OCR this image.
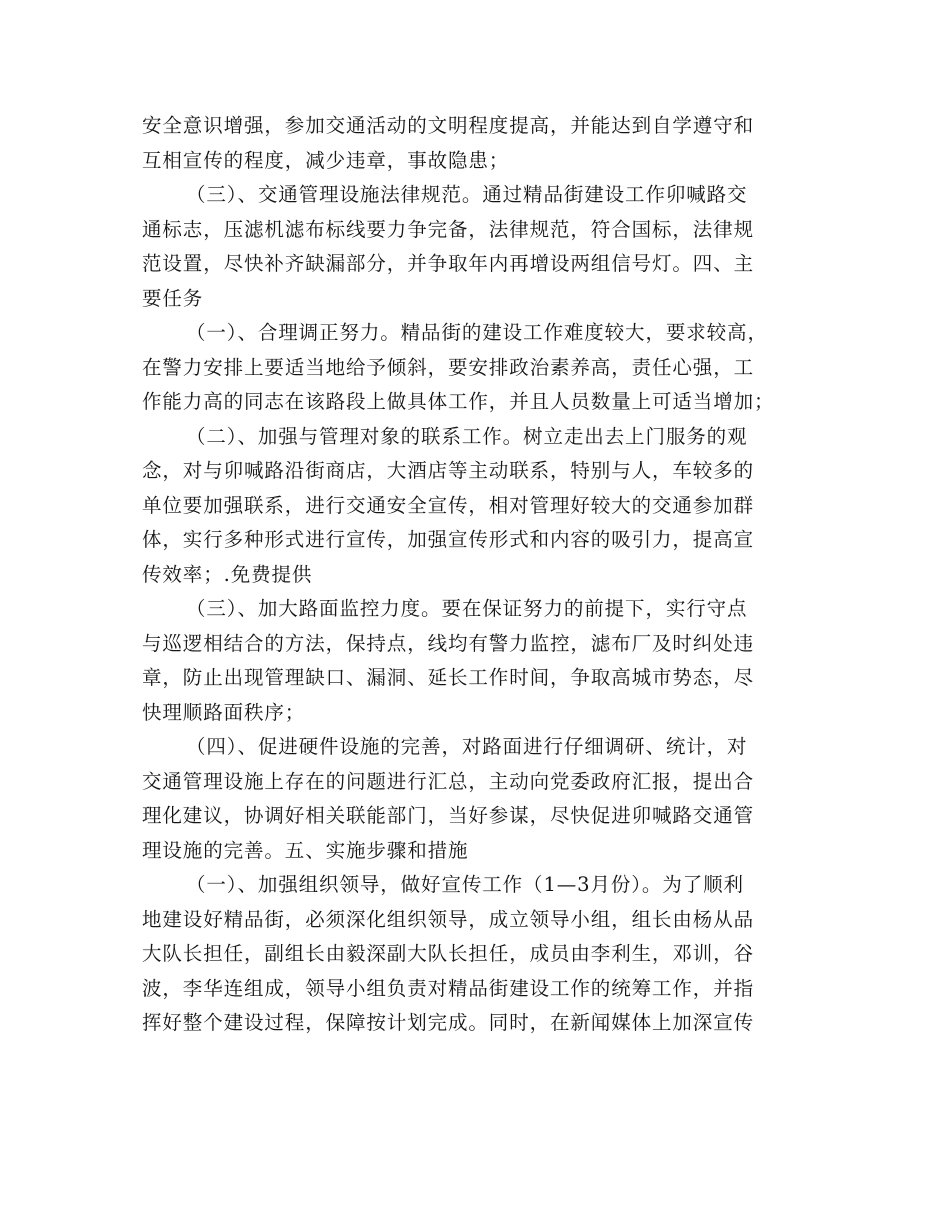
安全意识增强，参加交通活动的文明程度提高，并能达到自学遵守和
互相宣传的程度，减少违章，事故隐患；
（三）、交通管理设施法律规范。通过精品街建设工作卯喊路交
通标志，压滤机滤布标线要力争完备，法律规范，符合国标，法律规
范设置，尽快补齐缺漏部分，并争取年内再增设两组信号灯。四、主
要任务
（一）、合理调正努力。精品街的建设工作难度较大，要求较高，
在警力安排上要适当地给予倾斜，要安排政治素养高，责任心强，工
作能力高的同志在该路段上做具体工作，并且人员数量上可适当增加；
（二）、加强与管理对象的联系工作。树立走出去上门服务的观
念，对与卯喊路沿街商店，大酒店等主动联系，特别与人，车较多的
单位要加强联系，进行交通安全宣传，相对管理好较大的交通参加群
体，实行多种形式进行宣传，加强宣传形式和内容的吸引力，提高宣
传效率；.免费提供
（三）、加大路面监控力度。要在保证努力的前提下，实行守点
与巡逻相结合的方法，保持点，线均有警力监控，滤布厂及时纠处违
章，防止出现管理缺口、漏洞、延长工作时间，争取高城市势态，尽
快理顺路面秩序；
（四）、促进硬件设施的完善，对路面进行仔细调研、统计，对
交通管理设施上存在的问题进行汇总，主动向党委政府汇报，提出合
理化建议，协调好相关联能部门，当好参谋，尽快促进卯喊路交通管
理设施的完善。五、实施步骤和措施
（一）、加强组织领导，做好宣传工作（1—3月份）。为了顺利
地建设好精品街，必须深化组织领导，成立领导小组，组长由杨从品
大队长担任，副组长由毅深副大队长担任，成员由李利生，邓训，谷
波，李华连组成，领导小组负责对精品街建设工作的统筹工作，并指
挥好整个建设过程，保障按计划完成。同时，在新闻媒体上加深宣传
